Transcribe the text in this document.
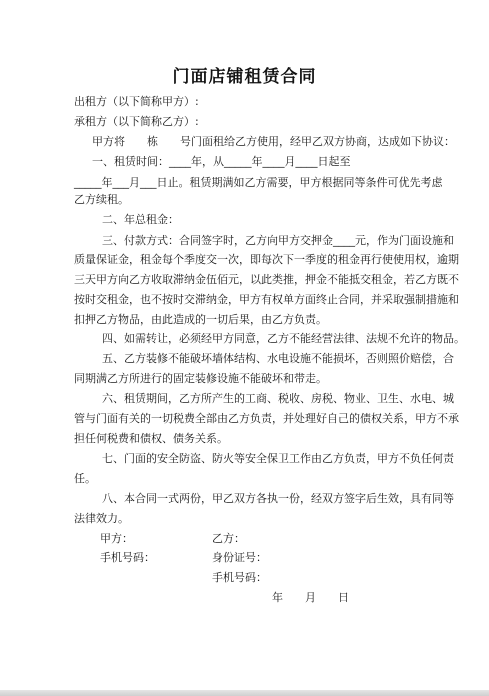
门面店铺租赁合同
出租方（以下简称甲方）:
承租方（以下简称乙方）:
甲方将　　栋　　号门面租给乙方使用，经甲乙双方协商，达成如下协议：
一、租赁时间：____年，从_____年____月____日起至
_____年___月___日止。租赁期满如乙方需要，甲方根据同等条件可优先考虑
乙方续租。
二、年总租金：
三、付款方式：合同签字时，乙方向甲方交押金____元，作为门面设施和
质量保证金，租金每个季度交一次，即每次下一季度的租金再行使使用权，逾期
三天甲方向乙方收取滞纳金伍佰元，以此类推，押金不能抵交租金，若乙方既不
按时交租金，也不按时交滞纳金，甲方有权单方面终止合同，并采取强制措施和
扣押乙方物品，由此造成的一切后果，由乙方负责。
四、如需转让，必须经甲方同意，乙方不能经营法律、法规不允许的物品。
五、乙方装修不能破坏墙体结构、水电设施不能损坏，否则照价赔偿，合
同期满乙方所进行的固定装修设施不能破坏和带走。
六、租赁期间，乙方所产生的工商、税收、房税、物业、卫生、水电、城
管与门面有关的一切税费全部由乙方负责，并处理好自己的债权关系，甲方不承
担任何税费和债权、债务关系。
七、门面的安全防盗、防火等安全保卫工作由乙方负责，甲方不负任何责
任。
八、本合同一式两份，甲乙双方各执一份，经双方签字后生效，具有同等
法律效力。
甲方：	乙方：
手机号码：	身份证号：
手机号码：
年　　月　　日
